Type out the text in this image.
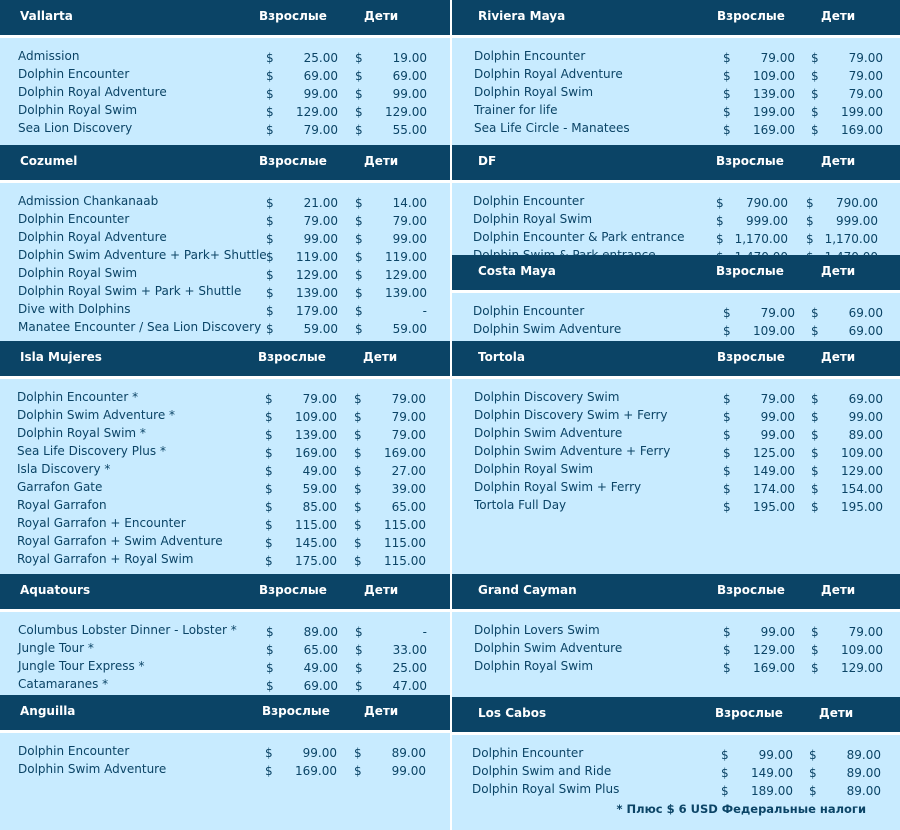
Vallarta	Взрослые	Дети
Admission	$	25.00 $	19.00
Dolphin Encounter	$	69.00 $	69.00
Dolphin Royal Adventure	$	99.00 $	99.00
Dolphin Royal Swim	$ 129.00 $ 129.00
Sea Lion Discovery	$	79.00 $	55.00
Cozumel	Взрослые	Дети
Admission Chankanaab	$	21.00 $	14.00
Dolphin Encounter	$	79.00 $	79.00
Dolphin Royal Adventure	$	99.00 $	99.00
Dolphin Swim Adventure + Park+ Shuttle $ 119.00 $ 119.00
Dolphin Royal Swim	$ 129.00 $ 129.00
Dolphin Royal Swim + Park + Shuttle $ 139.00 $ 139.00
Dive with Dolphins	$ 179.00 $	-
Manatee Encounter / Sea Lion Discovery $	59.00 $	59.00
Isla Mujeres	Взрослые	Дети
Dolphin Encounter *	$	79.00 $	79.00
Dolphin Swim Adventure *	$ 109.00 $	79.00
Dolphin Royal Swim *	$ 139.00 $	79.00
Sea Life Discovery Plus *	$ 169.00 $ 169.00
Isla Discovery *	$	49.00 $	27.00
Garrafon Gate	$	59.00 $	39.00
Royal Garrafon	$	85.00 $	65.00
Royal Garrafon + Encounter	$ 115.00 $ 115.00
Royal Garrafon + Swim Adventure	$ 145.00 $ 115.00
Royal Garrafon + Royal Swim	$ 175.00 $ 115.00
Aquatours	Взрослые	Дети
Columbus Lobster Dinner - Lobster * $	89.00 $	-
Jungle Tour *	$	65.00 $	33.00
Jungle Tour Express *	$	49.00 $	25.00
Catamaranes *	$	69.00 $	47.00
Anguilla	Взрослые	Дети
Dolphin Encounter	$	99.00 $	89.00
Dolphin Swim Adventure	$ 169.00 $	99.00
Riviera Maya	Взрослые	Дети
Dolphin Encounter	$	79.00 $	79.00
Dolphin Royal Adventure	$ 109.00 $	79.00
Dolphin Royal Swim	$ 139.00 $	79.00
Trainer for life	$ 199.00 $ 199.00
Sea Life Circle - Manatees	$ 169.00 $ 169.00
DF	Взрослые	Дети
Dolphin Encounter	$ 790.00 $ 790.00
Dolphin Royal Swim	$ 999.00 $ 999.00
Dolphin Encounter & Park entrance	$ 1,170.00 $ 1,170.00
Costa Maya	Взрослые	Дети
Dolphin Encounter	$	79.00 $	69.00
Dolphin Swim Adventure	$ 109.00 $	69.00
Tortola	Взрослые	Дети
Dolphin Discovery Swim	$	79.00 $	69.00
Dolphin Discovery Swim + Ferry	$	99.00 $	99.00
Dolphin Swim Adventure	$	99.00 $	89.00
Dolphin Swim Adventure + Ferry	$ 125.00 $ 109.00
Dolphin Royal Swim	$ 149.00 $ 129.00
Dolphin Royal Swim + Ferry	$ 174.00 $ 154.00
Tortola Full Day	$ 195.00 $ 195.00
Grand Cayman	Взрослые	Дети
Dolphin Lovers Swim	$	99.00 $	79.00
Dolphin Swim Adventure	$ 129.00 $ 109.00
Dolphin Royal Swim	$ 169.00 $ 129.00
Los Cabos	Взрослые	Дети
Dolphin Encounter	$	99.00 $	89.00
Dolphin Swim and Ride	$ 149.00 $	89.00
Dolphin Royal Swim Plus	$ 189.00 $	89.00
* Плюс $ 6 USD Федеральные налоги
